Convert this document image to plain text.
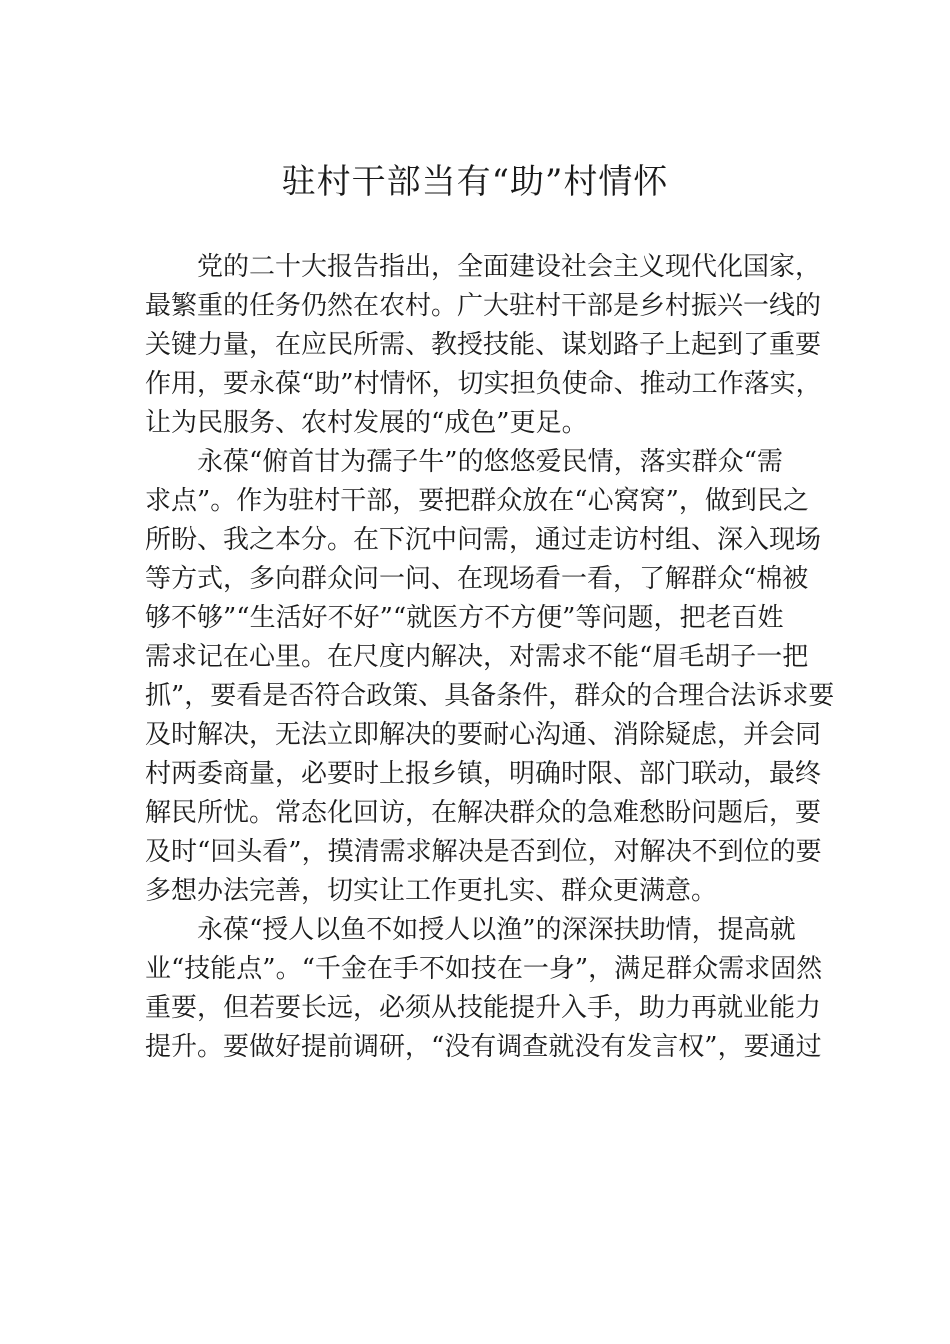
驻村干部当有“助”村情怀

党的二十大报告指出，全面建设社会主义现代化国家，
最繁重的任务仍然在农村。广大驻村干部是乡村振兴一线的
关键力量，在应民所需、教授技能、谋划路子上起到了重要
作用，要永葆“助”村情怀，切实担负使命、推动工作落实，
让为民服务、农村发展的“成色”更足。

永葆“俯首甘为孺子牛”的悠悠爱民情，落实群众“需
求点”。作为驻村干部，要把群众放在“心窝窝”，做到民之
所盼、我之本分。在下沉中问需，通过走访村组、深入现场
等方式，多向群众问一问、在现场看一看，了解群众“棉被
够不够”“生活好不好”“就医方不方便”等问题，把老百姓
需求记在心里。在尺度内解决，对需求不能“眉毛胡子一把
抓”，要看是否符合政策、具备条件，群众的合理合法诉求要
及时解决，无法立即解决的要耐心沟通、消除疑虑，并会同
村两委商量，必要时上报乡镇，明确时限、部门联动，最终
解民所忧。常态化回访，在解决群众的急难愁盼问题后，要
及时“回头看”，摸清需求解决是否到位，对解决不到位的要
多想办法完善，切实让工作更扎实、群众更满意。

永葆“授人以鱼不如授人以渔”的深深扶助情，提高就
业“技能点”。“千金在手不如技在一身”，满足群众需求固然
重要，但若要长远，必须从技能提升入手，助力再就业能力
提升。要做好提前调研，“没有调查就没有发言权”，要通过
